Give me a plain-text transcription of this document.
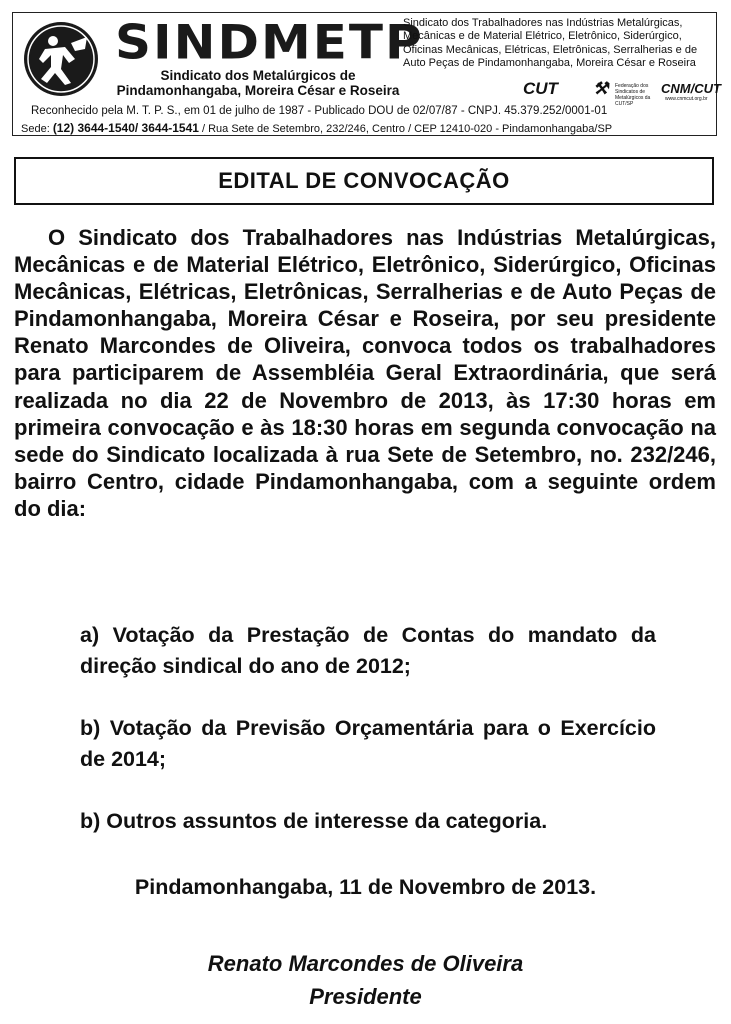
SINDMETP
Sindicato dos Metalúrgicos de
Pindamonhangaba, Moreira César e Roseira
Sindicato dos Trabalhadores nas Indústrias Metalúrgicas, Mecânicas e de Material Elétrico, Eletrônico, Siderúrgico, Oficinas Mecânicas, Elétricas, Eletrônicas, Serralherias e de Auto Peças de Pindamonhangaba, Moreira César e Roseira
CUT ⚒ Federação dos Sindicatos de Metalúrgicos da CUT/SP
CNM/CUT
www.cnmcut.org.br
Reconhecido pela M. T. P. S., em 01 de julho de 1987 - Publicado DOU de 02/07/87 - CNPJ. 45.379.252/0001-01
Sede: (12) 3644-1540/ 3644-1541 / Rua Sete de Setembro, 232/246, Centro / CEP 12410-020 - Pindamonhangaba/SP
EDITAL DE CONVOCAÇÃO
O Sindicato dos Trabalhadores nas Indústrias Metalúrgicas, Mecânicas e de Material Elétrico, Eletrônico, Siderúrgico, Oficinas Mecânicas, Elétricas, Eletrônicas, Serralherias e de Auto Peças de Pindamonhangaba, Moreira César e Roseira, por seu presidente Renato Marcondes de Oliveira, convoca todos os trabalhadores para participarem de Assembléia Geral Extraordinária, que será realizada no dia 22 de Novembro de 2013, às 17:30 horas em primeira convocação e às 18:30 horas em segunda convocação na sede do Sindicato localizada à rua Sete de Setembro, no. 232/246, bairro Centro, cidade Pindamonhangaba, com a seguinte ordem do dia:
a) Votação da Prestação de Contas do mandato da direção sindical do ano de 2012;
b) Votação da Previsão Orçamentária para o Exercício de 2014;
b) Outros assuntos de interesse da categoria.
Pindamonhangaba, 11 de Novembro de 2013.
Renato Marcondes de Oliveira
Presidente
